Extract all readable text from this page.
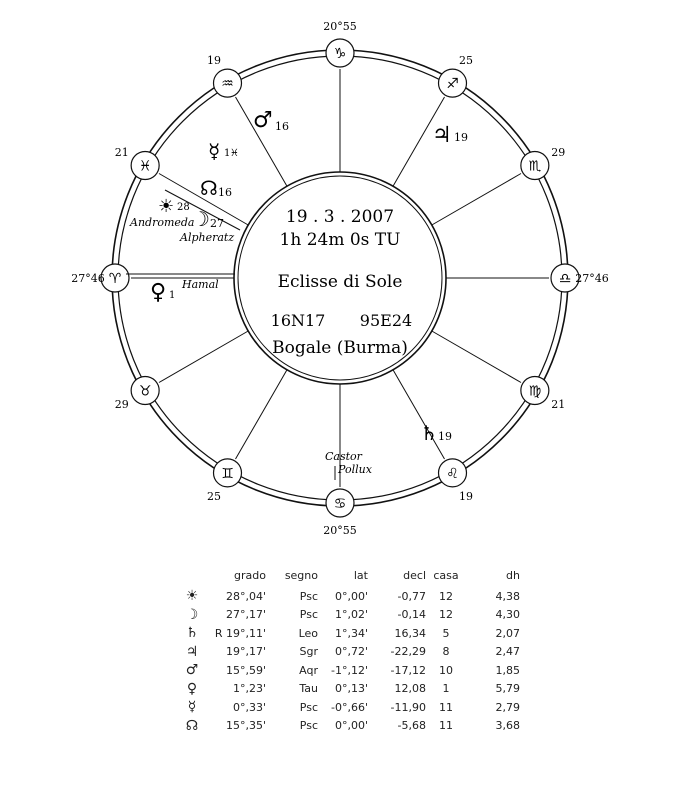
♑
20°55
♐
25
♏
29
♎ 27°46
♍
21
♌
19
♋
20°55
♊
25
♉
29
♈
27°46
♓
21
♒
19
19 . 3 . 2007
1h 24m 0s TU
Eclisse di Sole
16N17 95E24
Bogale (Burma)
♂ 16
☿ 1 ♓
☊ 16
☀ 28
Andromeda
☽ 27
Alpheratz
Hamal
♀ 1
♃ 19
♄ 19
Castor
Pollux
	grado	segno	lat	decl	casa	dh
☀	28°,04'	Psc	0°,00'	-0,77	12	4,38
☽	27°,17'	Psc	1°,02'	-0,14	12	4,30
♄	R 19°,11'	Leo	1°,34'	16,34	5	2,07
♃	19°,17'	Sgr	0°,72'	-22,29	8	2,47
♂	15°,59'	Aqr	-1°,12'	-17,12	10	1,85
♀	1°,23'	Tau	0°,13'	12,08	1	5,79
☿	0°,33'	Psc	-0°,66'	-11,90	11	2,79
☊	15°,35'	Psc	0°,00'	-5,68	11	3,68
